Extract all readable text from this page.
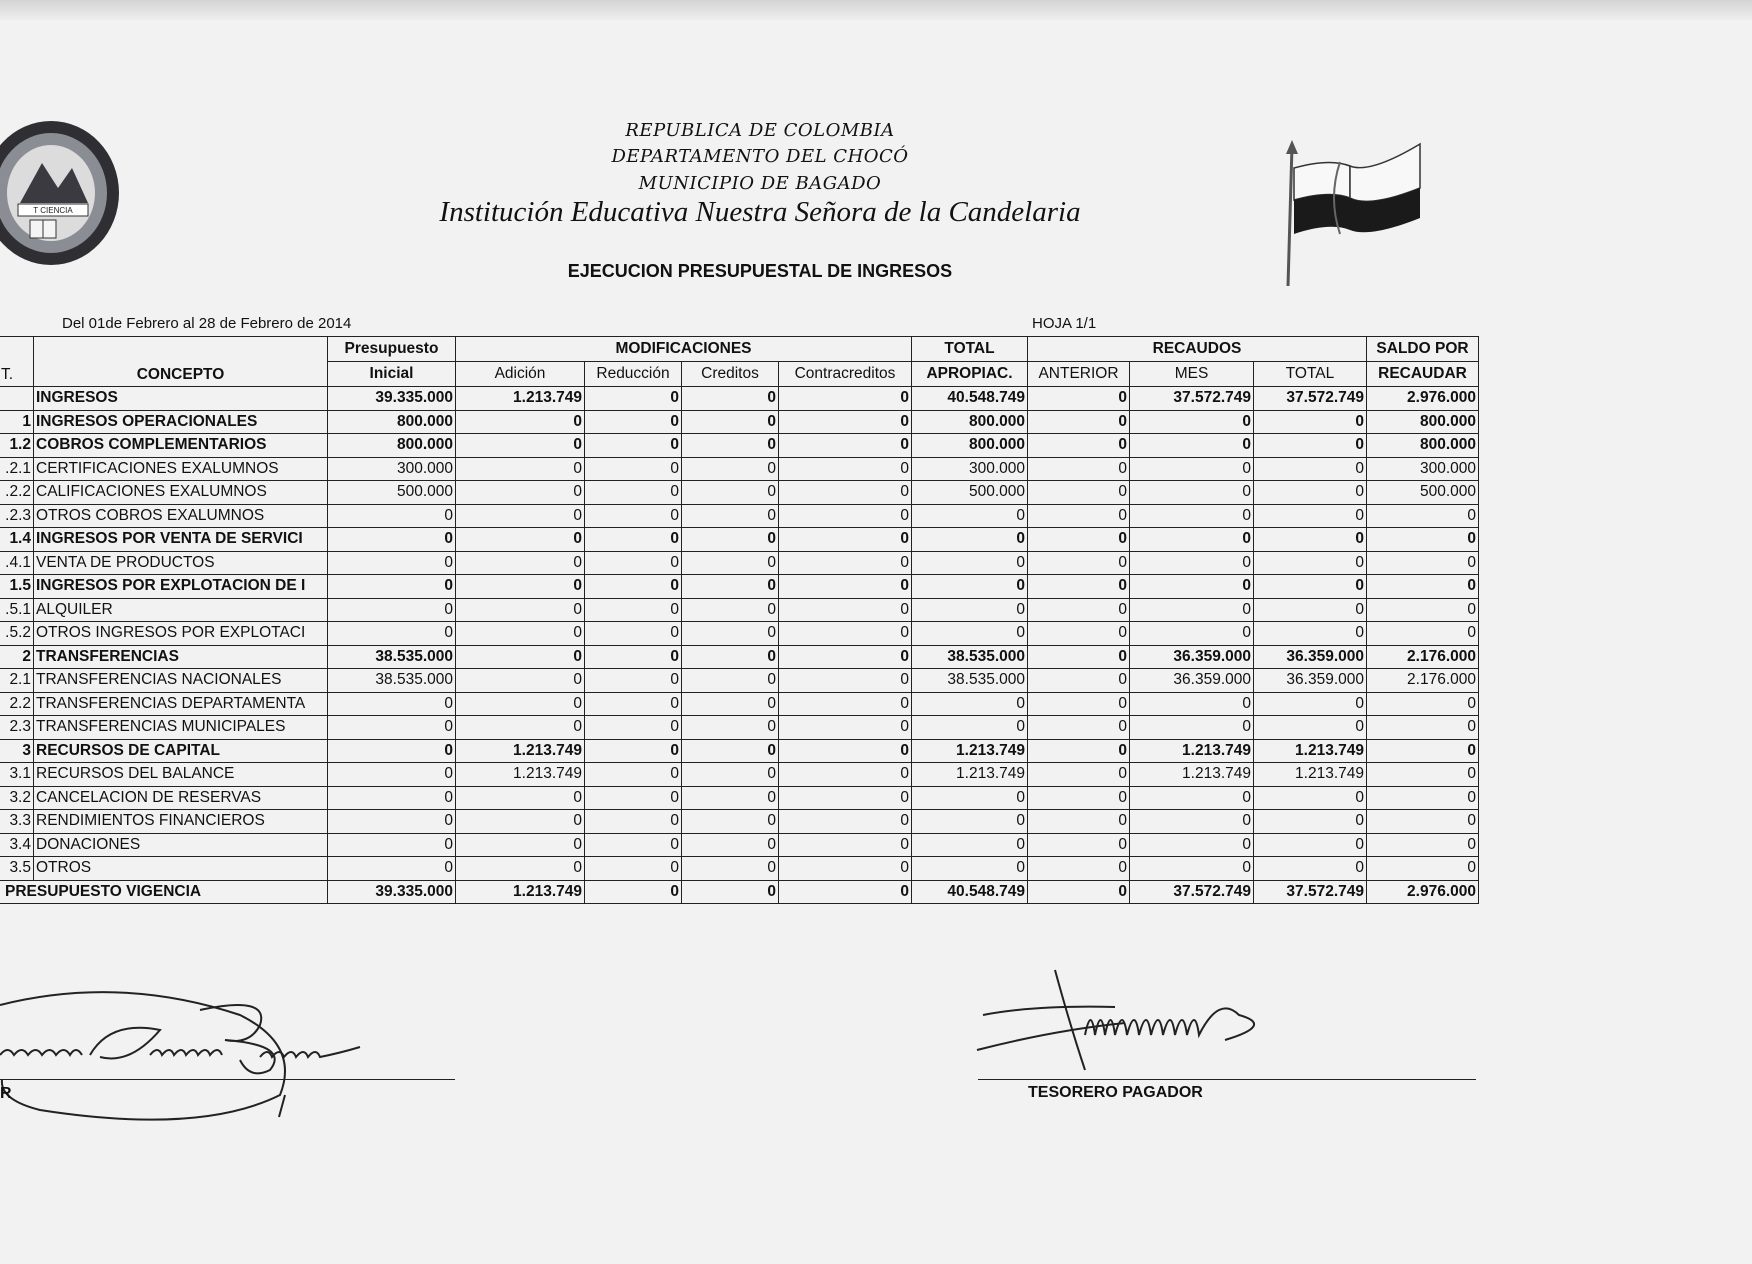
T CIENCIA
REPUBLICA DE COLOMBIA
DEPARTAMENTO DEL CHOCÓ
MUNICIPIO DE BAGADO
Institución Educativa Nuestra Señora de la Candelaria
EJECUCION PRESUPUESTAL DE INGRESOS
Del 01de Febrero al 28 de Febrero de 2014	HOJA 1/1
T.	CONCEPTO	Presupuesto	MODIFICACIONES				TOTAL	RECAUDOS			SALDO POR
		Inicial	Adición	Reducción	Creditos	Contracreditos	APROPIAC.	ANTERIOR	MES	TOTAL	RECAUDAR
	INGRESOS	39.335.000	1.213.749	0	0	0	40.548.749	0	37.572.749	37.572.749	2.976.000
1	INGRESOS OPERACIONALES	800.000	0	0	0	0	800.000	0	0	0	800.000
1.2	COBROS COMPLEMENTARIOS	800.000	0	0	0	0	800.000	0	0	0	800.000
.2.1	CERTIFICACIONES EXALUMNOS	300.000	0	0	0	0	300.000	0	0	0	300.000
.2.2	CALIFICACIONES EXALUMNOS	500.000	0	0	0	0	500.000	0	0	0	500.000
.2.3	OTROS COBROS EXALUMNOS	0	0	0	0	0	0	0	0	0	0
1.4	INGRESOS POR VENTA DE SERVICI	0	0	0	0	0	0	0	0	0	0
.4.1	VENTA DE PRODUCTOS	0	0	0	0	0	0	0	0	0	0
1.5	INGRESOS POR EXPLOTACION DE I	0	0	0	0	0	0	0	0	0	0
.5.1	ALQUILER	0	0	0	0	0	0	0	0	0	0
.5.2	OTROS INGRESOS POR EXPLOTACI	0	0	0	0	0	0	0	0	0	0
2	TRANSFERENCIAS	38.535.000	0	0	0	0	38.535.000	0	36.359.000	36.359.000	2.176.000
2.1	TRANSFERENCIAS NACIONALES	38.535.000	0	0	0	0	38.535.000	0	36.359.000	36.359.000	2.176.000
2.2	TRANSFERENCIAS DEPARTAMENTA	0	0	0	0	0	0	0	0	0	0
2.3	TRANSFERENCIAS MUNICIPALES	0	0	0	0	0	0	0	0	0	0
3	RECURSOS DE CAPITAL	0	1.213.749	0	0	0	1.213.749	0	1.213.749	1.213.749	0
3.1	RECURSOS DEL BALANCE	0	1.213.749	0	0	0	1.213.749	0	1.213.749	1.213.749	0
3.2	CANCELACION DE RESERVAS	0	0	0	0	0	0	0	0	0	0
3.3	RENDIMIENTOS FINANCIEROS	0	0	0	0	0	0	0	0	0	0
3.4	DONACIONES	0	0	0	0	0	0	0	0	0	0
3.5	OTROS	0	0	0	0	0	0	0	0	0	0
PRESUPUESTO VIGENCIA		39.335.000	1.213.749	0	0	0	40.548.749	0	37.572.749	37.572.749	2.976.000
R	TESORERO PAGADOR
